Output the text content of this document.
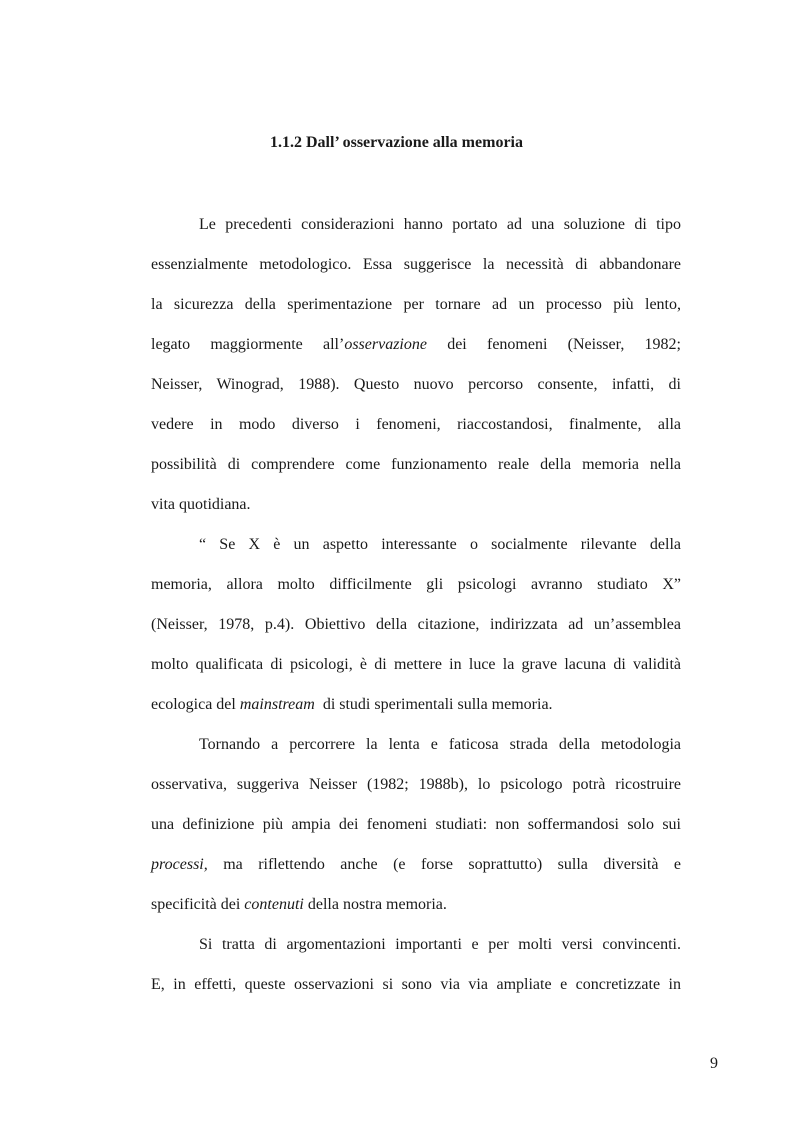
1.1.2 Dall’ osservazione alla memoria
Le precedenti considerazioni hanno portato ad una soluzione di tipo
essenzialmente metodologico. Essa suggerisce la necessità di abbandonare
la sicurezza della sperimentazione per tornare ad un processo più lento,
legato maggiormente all’osservazione dei fenomeni (Neisser, 1982;
Neisser, Winograd, 1988). Questo nuovo percorso consente, infatti, di
vedere in modo diverso i fenomeni, riaccostandosi, finalmente, alla
possibilità di comprendere come funzionamento reale della memoria nella
vita quotidiana.
“ Se X è un aspetto interessante o socialmente rilevante della
memoria, allora molto difficilmente gli psicologi avranno studiato X”
(Neisser, 1978, p.4). Obiettivo della citazione, indirizzata ad un’assemblea
molto qualificata di psicologi, è di mettere in luce la grave lacuna di validità
ecologica del mainstream  di studi sperimentali sulla memoria.
Tornando a percorrere la lenta e faticosa strada della metodologia
osservativa, suggeriva Neisser (1982; 1988b), lo psicologo potrà ricostruire
una definizione più ampia dei fenomeni studiati: non soffermandosi solo sui
processi, ma riflettendo anche (e forse soprattutto) sulla diversità e
specificità dei contenuti della nostra memoria.
Si tratta di argomentazioni importanti e per molti versi convincenti.
E, in effetti, queste osservazioni si sono via via ampliate e concretizzate in
9
